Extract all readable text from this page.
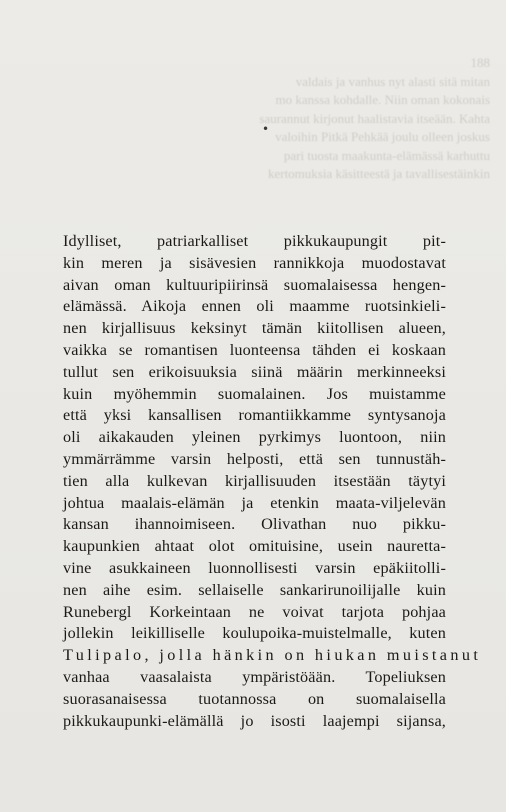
188
valdais ja vanhus nyt alasti sitä mitan
mo kanssa kohdalle. Niin oman kokonais
saurannut kirjonut haalistavia itseään. Kahta
valoihin Pitkä Pehkää joulu olleen joskus
pari tuosta maakunta-elämässä karhuttu
kertomuksia käsitteestä ja tavallisestäinkin
•
Idylliset, patriarkalliset pikkukaupungit pit-
kin meren ja sisävesien rannikkoja muodostavat
aivan oman kultuuripiirinsä suomalaisessa hengen-
elämässä. Aikoja ennen oli maamme ruotsinkieli-
nen kirjallisuus keksinyt tämän kiitollisen alueen,
vaikka se romantisen luonteensa tähden ei koskaan
tullut sen erikoisuuksia siinä määrin merkinneeksi
kuin myöhemmin suomalainen. Jos muistamme
että yksi kansallisen romantiikkamme syntysanoja
oli aikakauden yleinen pyrkimys luontoon, niin
ymmärrämme varsin helposti, että sen tunnustäh-
tien alla kulkevan kirjallisuuden itsestään täytyi
johtua maalais-elämän ja etenkin maata-viljelevän
kansan ihannoimiseen. Olivathan nuo pikku-
kaupunkien ahtaat olot omituisine, usein nauretta-
vine asukkaineen luonnollisesti varsin epäkiitolli-
nen aihe esim. sellaiselle sankarirunoilijalle kuin
Runebergl Korkeintaan ne voivat tarjota pohjaa
jollekin leikilliselle koulupoika-muistelmalle, kuten
Tulipalo, jolla hänkin on hiukan muistanut
vanhaa vaasalaista ympäristöään. Topeliuksen
suorasanaisessa tuotannossa on suomalaisella
pikkukaupunki-elämällä jo isosti laajempi sijansa,
